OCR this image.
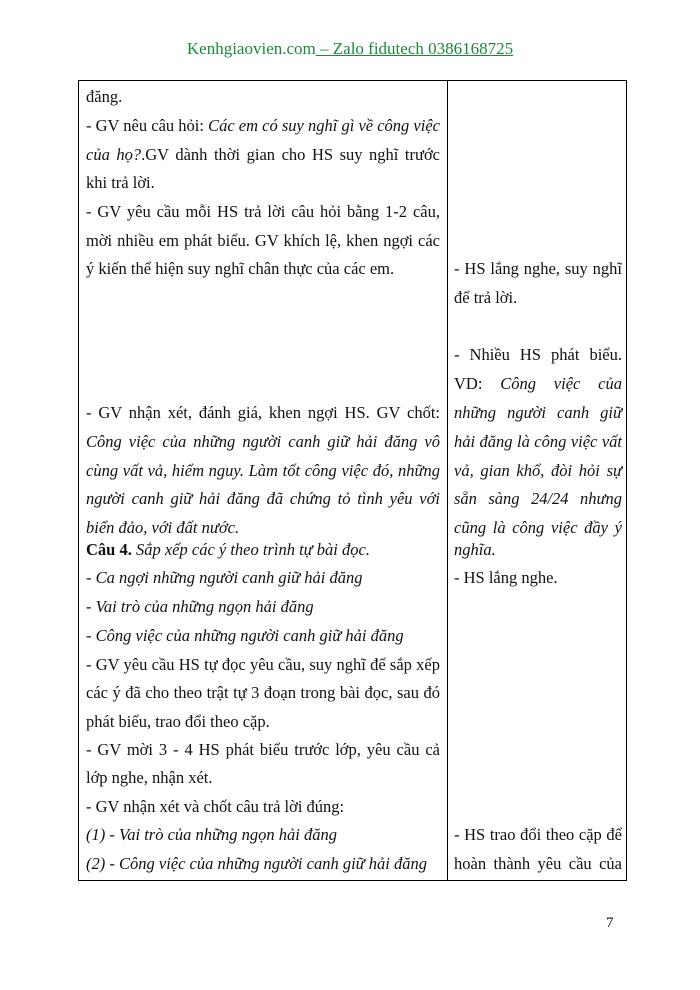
Kenhgiaovien.com – Zalo fidutech 0386168725
đăng.
- GV nêu câu hỏi: Các em có suy nghĩ gì về công việc
của họ?.GV dành thời gian cho HS suy nghĩ trước
khi trả lời.
- GV yêu cầu mỗi HS trả lời câu hỏi bằng 1-2 câu,
mời nhiều em phát biểu. GV khích lệ, khen ngợi các
ý kiến thể hiện suy nghĩ chân thực của các em.
- GV nhận xét, đánh giá, khen ngợi HS. GV chốt:
Công việc của những người canh giữ hải đăng vô
cùng vất vả, hiểm nguy. Làm tốt công việc đó, những
người canh giữ hải đăng đã chứng tỏ tình yêu với
biển đảo, với đất nước.
Câu 4. Sắp xếp các ý theo trình tự bài đọc.
- Ca ngợi những người canh giữ hải đăng
- Vai trò của những ngọn hải đăng
- Công việc của những người canh giữ hải đăng
- GV yêu cầu HS tự đọc yêu cầu, suy nghĩ để sắp xếp
các ý đã cho theo trật tự 3 đoạn trong bài đọc, sau đó
phát biểu, trao đổi theo cặp.
- GV mời 3 - 4 HS phát biểu trước lớp, yêu cầu cả
lớp nghe, nhận xét.
- GV nhận xét và chốt câu trả lời đúng:
(1) - Vai trò của những ngọn hải đăng
(2) - Công việc của những người canh giữ hải đăng
- HS lắng nghe, suy nghĩ
để trả lời.
- Nhiều HS phát biểu.
VD: Công việc của
những người canh giữ
hải đăng là công việc vất
vả, gian khổ, đòi hỏi sự
sẵn sàng 24/24 nhưng
cũng là công việc đầy ý
nghĩa.
- HS lắng nghe.
- HS trao đổi theo cặp để
hoàn thành yêu cầu của
7
